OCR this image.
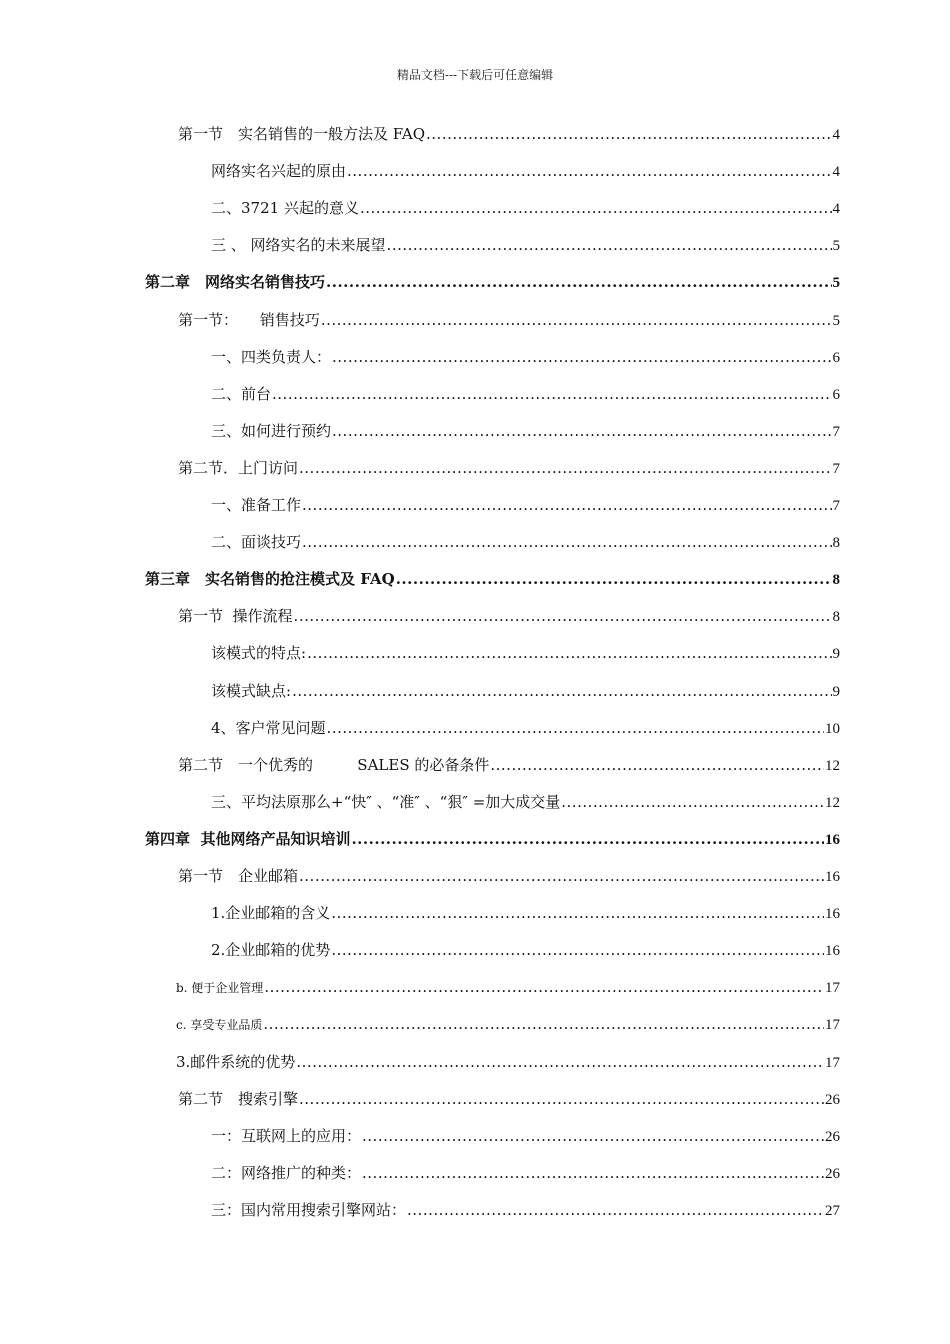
精品文档---下载后可任意编辑
第一节　实名销售的一般方法及 FAQ .....	4
网络实名兴起的原由 .....	4
二、3721 兴起的意义 .....	4
三 、 网络实名的未来展望 .....	5
第二章　网络实名销售技巧 .....	5
第一节：　   销售技巧 .....	5
一、四类负责人： .....	6
二、前台 .....	6
三、如何进行预约 .....	7
第二节．上门访问 .....	7
一、准备工作 .....	7
二、面谈技巧 .....	8
第三章　实名销售的抢注模式及 FAQ .....	8
第一节  操作流程 .....	8
该模式的特点: .....	9
该模式缺点: .....	9
4、客户常见问题 .....	10
第二节　一个优秀的　　   SALES 的必备条件 .....	12
三、平均法原那么+“快″ 、“准″ 、“狠″ =加大成交量 .....	12
第四章  其他网络产品知识培训 .....	16
第一节　企业邮箱 .....	16
1.企业邮箱的含义 .....	16
2.企业邮箱的优势 .....	16
b. 便于企业管理 .....	17
c. 享受专业品质 .....	17
3.邮件系统的优势 .....	17
第二节　搜索引擎 .....	26
一：互联网上的应用： .....	26
二：网络推广的种类： .....	26
三：国内常用搜索引擎网站： .....	27
